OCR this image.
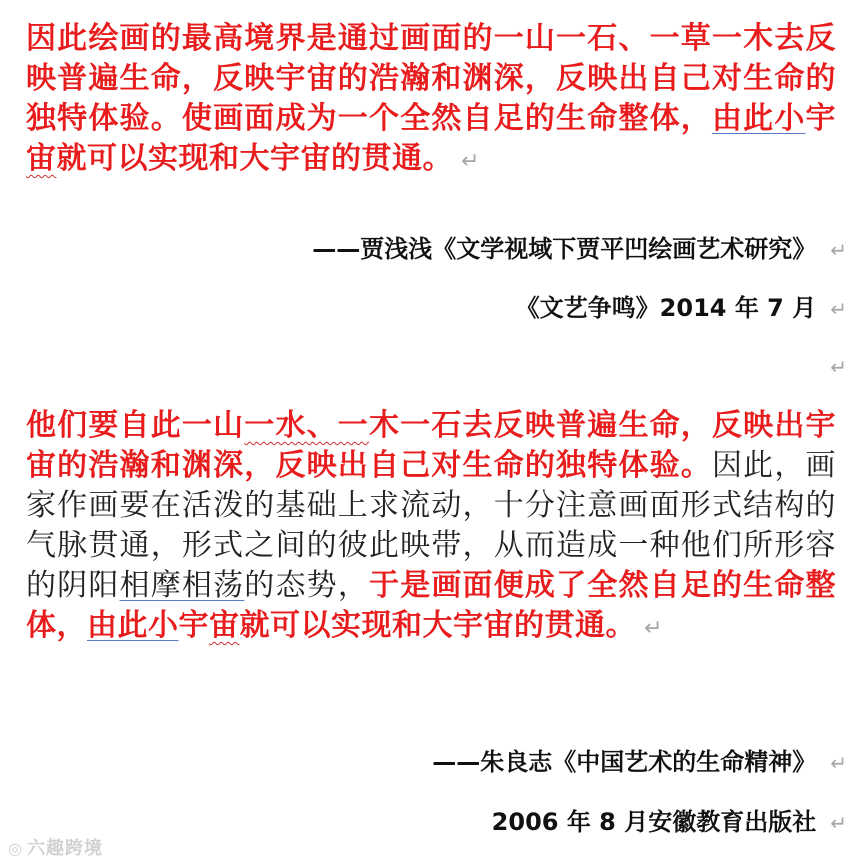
因此绘画的最高境界是通过画面的一山一石、一草一木去反映普遍生命，反映宇宙的浩瀚和渊深，反映出自己对生命的独特体验。使画面成为一个全然自足的生命整体，由此小宇宙就可以实现和大宇宙的贯通。 ↵

——贾浅浅《文学视域下贾平凹绘画艺术研究》 ↵
《文艺争鸣》2014 年 7 月 ↵
↵

他们要自此一山一水、一木一石去反映普遍生命，反映出宇宙的浩瀚和渊深，反映出自己对生命的独特体验。因此，画家作画要在活泼的基础上求流动，十分注意画面形式结构的气脉贯通，形式之间的彼此映带，从而造成一种他们所形容的阴阳相摩相荡的态势，于是画面便成了全然自足的生命整体，由此小宇宙就可以实现和大宇宙的贯通。 ↵

——朱良志《中国艺术的生命精神》 ↵
2006 年 8 月安徽教育出版社 ↵
◎ 六趣跨境
